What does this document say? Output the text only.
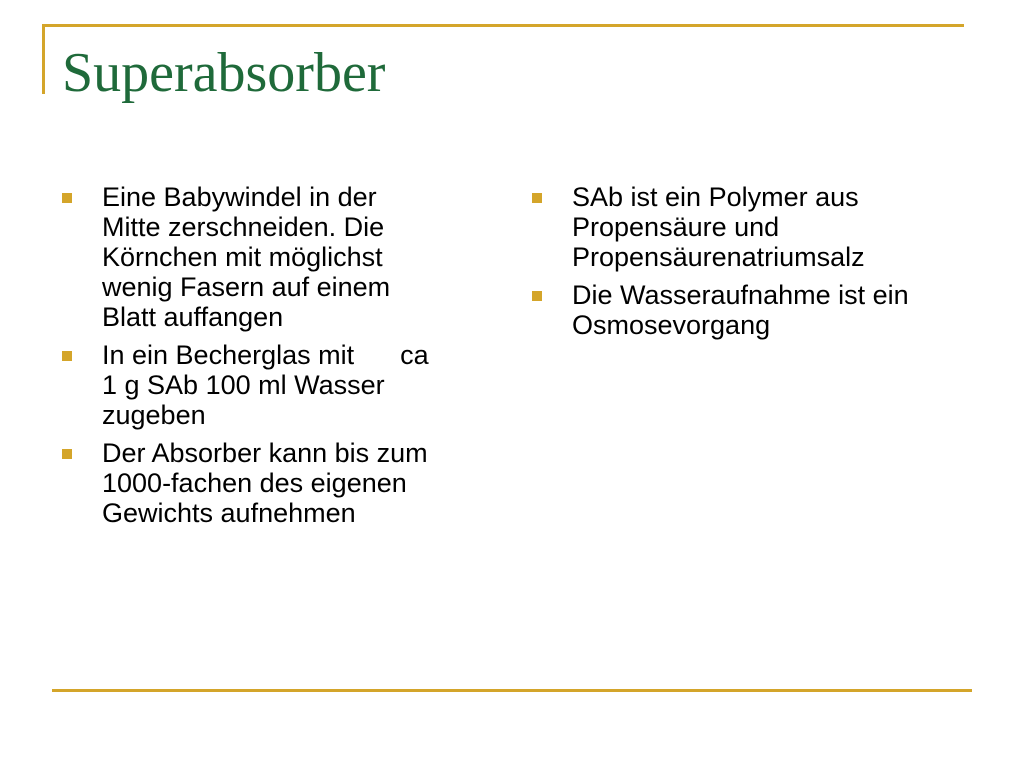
Superabsorber
Eine Babywindel in der
Mitte zerschneiden. Die
Körnchen mit möglichst
wenig Fasern auf einem
Blatt auffangen
In ein Becherglas mit ca
1 g SAb 100 ml Wasser
zugeben
Der Absorber kann bis zum
1000-fachen des eigenen
Gewichts aufnehmen
SAb ist ein Polymer aus
Propensäure und
Propensäurenatriumsalz
Die Wasseraufnahme ist ein
Osmosevorgang
